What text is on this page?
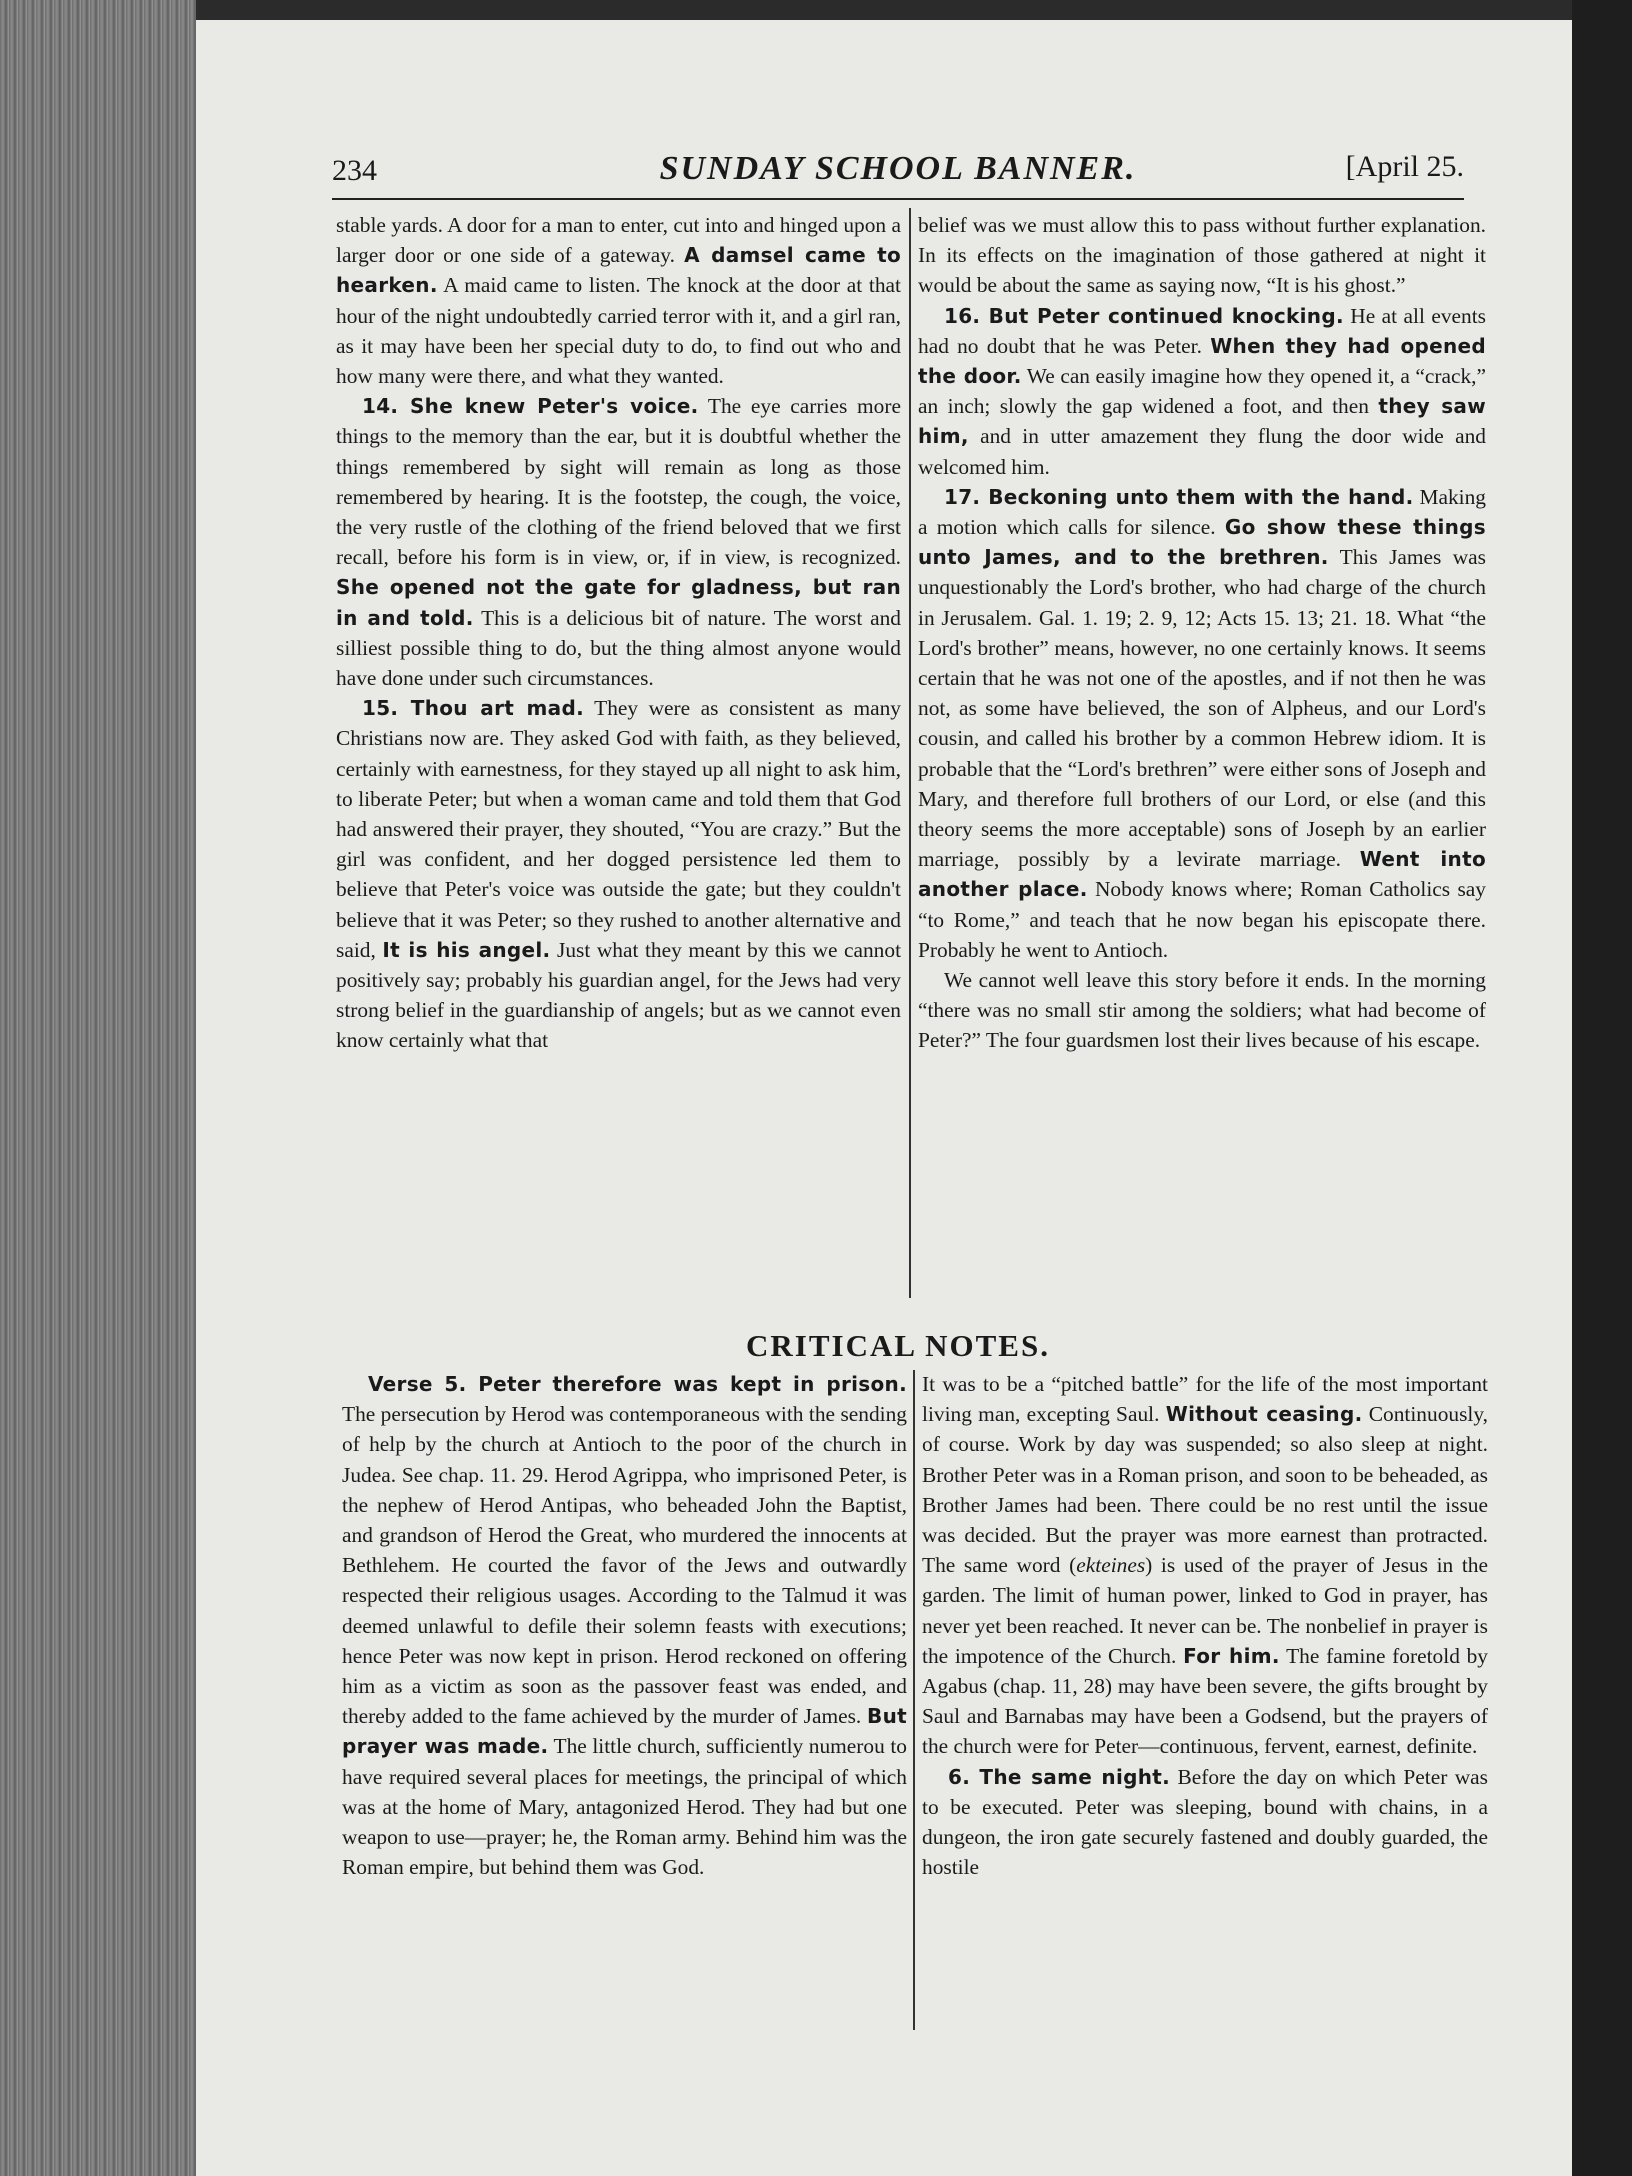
234	SUNDAY SCHOOL BANNER.	[April 25.

stable yards. A door for a man to enter, cut into and hinged upon a larger door or one side of a gateway. A damsel came to hearken. A maid came to listen. The knock at the door at that hour of the night undoubtedly carried terror with it, and a girl ran, as it may have been her special duty to do, to find out who and how many were there, and what they wanted.

14. She knew Peter's voice. The eye carries more things to the memory than the ear, but it is doubtful whether the things remembered by sight will remain as long as those remembered by hearing. It is the footstep, the cough, the voice, the very rustle of the clothing of the friend beloved that we first recall, before his form is in view, or, if in view, is recognized. She opened not the gate for gladness, but ran in and told. This is a delicious bit of nature. The worst and silliest possible thing to do, but the thing almost anyone would have done under such circumstances.

15. Thou art mad. They were as consistent as many Christians now are. They asked God with faith, as they believed, certainly with earnestness, for they stayed up all night to ask him, to liberate Peter; but when a woman came and told them that God had answered their prayer, they shouted, “You are crazy.” But the girl was confident, and her dogged persistence led them to believe that Peter's voice was outside the gate; but they couldn't believe that it was Peter; so they rushed to another alternative and said, It is his angel. Just what they meant by this we cannot positively say; probably his guardian angel, for the Jews had very strong belief in the guardianship of angels; but as we cannot even know certainly what that

belief was we must allow this to pass without further explanation. In its effects on the imagination of those gathered at night it would be about the same as saying now, “It is his ghost.”

16. But Peter continued knocking. He at all events had no doubt that he was Peter. When they had opened the door. We can easily imagine how they opened it, a “crack,” an inch; slowly the gap widened a foot, and then they saw him, and in utter amazement they flung the door wide and welcomed him.

17. Beckoning unto them with the hand. Making a motion which calls for silence. Go show these things unto James, and to the brethren. This James was unquestionably the Lord's brother, who had charge of the church in Jerusalem. Gal. 1. 19; 2. 9, 12; Acts 15. 13; 21. 18. What “the Lord's brother” means, however, no one certainly knows. It seems certain that he was not one of the apostles, and if not then he was not, as some have believed, the son of Alpheus, and our Lord's cousin, and called his brother by a common Hebrew idiom. It is probable that the “Lord's brethren” were either sons of Joseph and Mary, and therefore full brothers of our Lord, or else (and this theory seems the more acceptable) sons of Joseph by an earlier marriage, possibly by a levirate marriage. Went into another place. Nobody knows where; Roman Catholics say “to Rome,” and teach that he now began his episcopate there. Probably he went to Antioch.

We cannot well leave this story before it ends. In the morning “there was no small stir among the soldiers; what had become of Peter?” The four guardsmen lost their lives because of his escape.

CRITICAL NOTES.

Verse 5. Peter therefore was kept in prison. The persecution by Herod was contemporaneous with the sending of help by the church at Antioch to the poor of the church in Judea. See chap. 11. 29. Herod Agrippa, who imprisoned Peter, is the nephew of Herod Antipas, who beheaded John the Baptist, and grandson of Herod the Great, who murdered the innocents at Bethlehem. He courted the favor of the Jews and outwardly respected their religious usages. According to the Talmud it was deemed unlawful to defile their solemn feasts with executions; hence Peter was now kept in prison. Herod reckoned on offering him as a victim as soon as the passover feast was ended, and thereby added to the fame achieved by the murder of James. But prayer was made. The little church, sufficiently numerou to have required several places for meetings, the principal of which was at the home of Mary, antagonized Herod. They had but one weapon to use—prayer; he, the Roman army. Behind him was the Roman empire, but behind them was God.

It was to be a “pitched battle” for the life of the most important living man, excepting Saul. Without ceasing. Continuously, of course. Work by day was suspended; so also sleep at night. Brother Peter was in a Roman prison, and soon to be beheaded, as Brother James had been. There could be no rest until the issue was decided. But the prayer was more earnest than protracted. The same word (ekteines) is used of the prayer of Jesus in the garden. The limit of human power, linked to God in prayer, has never yet been reached. It never can be. The nonbelief in prayer is the impotence of the Church. For him. The famine foretold by Agabus (chap. 11, 28) may have been severe, the gifts brought by Saul and Barnabas may have been a Godsend, but the prayers of the church were for Peter—continuous, fervent, earnest, definite.

6. The same night. Before the day on which Peter was to be executed. Peter was sleeping, bound with chains, in a dungeon, the iron gate securely fastened and doubly guarded, the hostile
